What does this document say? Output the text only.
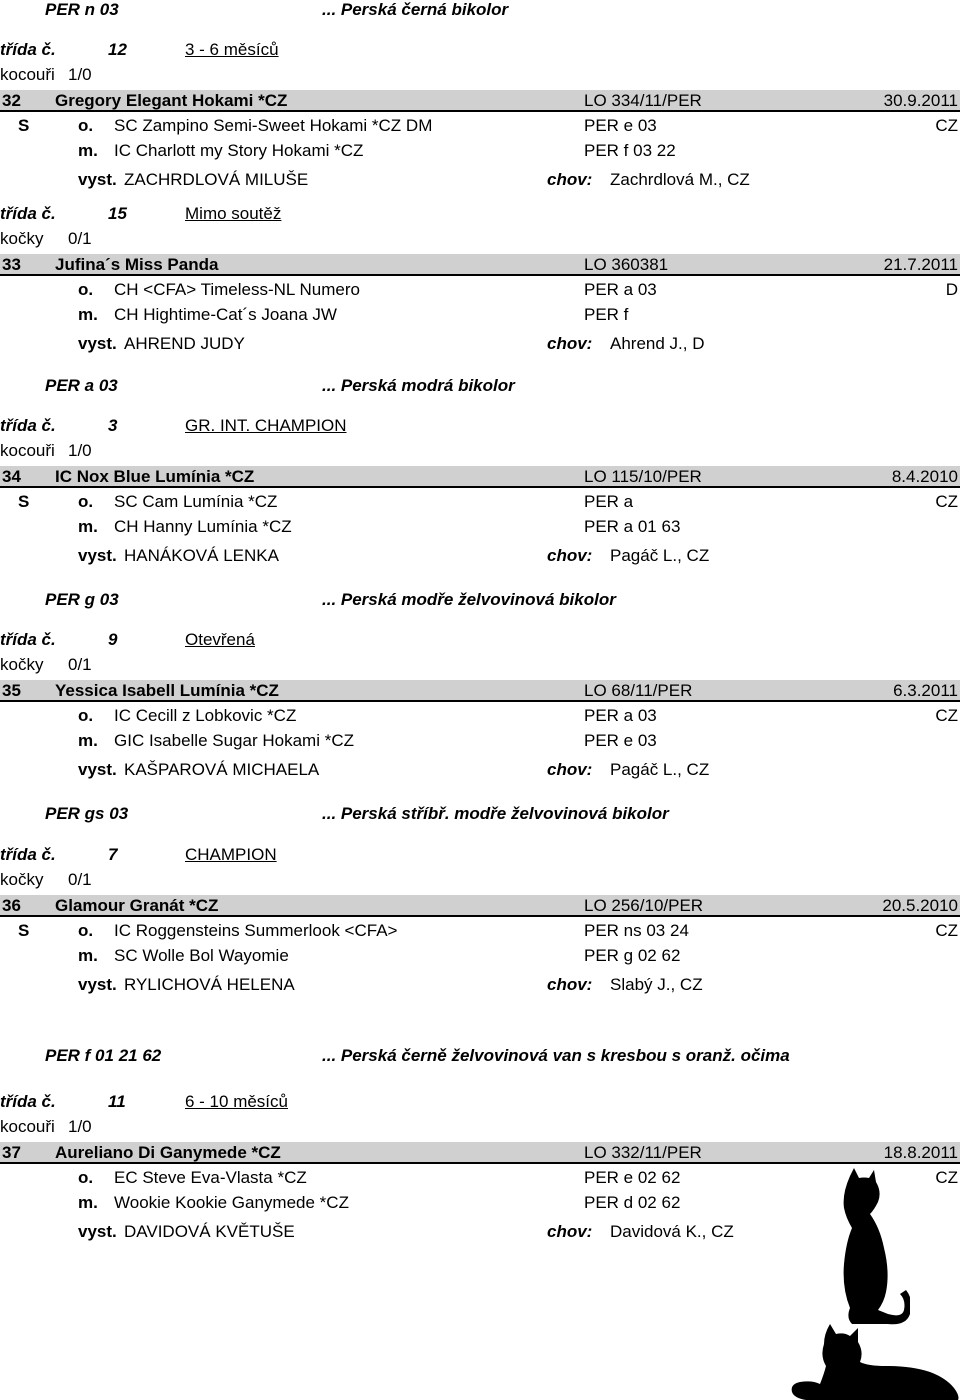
PER n 03	... Perská černá bikolor
třída č.	12	3 - 6 měsíců
kocouři 1/0
32 Gregory Elegant Hokami *CZ	LO 334/11/PER	30.9.2011
S	o. SC Zampino Semi-Sweet Hokami *CZ DM	PER e 03	CZ
m. IC Charlott my Story Hokami *CZ	PER f 03 22
vyst. ZACHRDLOVÁ MILUŠE	chov: Zachrdlová M., CZ
třída č.	15	Mimo soutěž
kočky 0/1
33 Jufina´s Miss Panda	LO 360381	21.7.2011
o. CH <CFA> Timeless-NL Numero	PER a 03	D
m. CH Hightime-Cat´s Joana JW	PER f
vyst. AHREND JUDY	chov: Ahrend J., D
PER a 03	... Perská modrá bikolor
třída č.	3	GR. INT. CHAMPION
kocouři 1/0
34 IC Nox Blue Lumínia *CZ	LO 115/10/PER	8.4.2010
S	o. SC Cam Lumínia *CZ	PER a	CZ
m. CH Hanny Lumínia *CZ	PER a 01 63
vyst. HANÁKOVÁ LENKA	chov: Pagáč L., CZ
PER g 03	... Perská modře želvovinová bikolor
třída č.	9	Otevřená
kočky 0/1
35 Yessica Isabell Lumínia *CZ	LO 68/11/PER	6.3.2011
o. IC Cecill z Lobkovic *CZ	PER a 03	CZ
m. GIC Isabelle Sugar Hokami *CZ	PER e 03
vyst. KAŠPAROVÁ MICHAELA	chov: Pagáč L., CZ
PER gs 03	... Perská stříbř. modře želvovinová bikolor
třída č.	7	CHAMPION
kočky 0/1
36 Glamour Granát *CZ	LO 256/10/PER	20.5.2010
S	o. IC Roggensteins Summerlook <CFA>	PER ns 03 24	CZ
m. SC Wolle Bol Wayomie	PER g 02 62
vyst. RYLICHOVÁ HELENA	chov: Slabý J., CZ
PER f 01 21 62	... Perská černě želvovinová van s kresbou s oranž. očima
třída č.	11	6 - 10 měsíců
kocouři 1/0
37 Aureliano Di Ganymede *CZ	LO 332/11/PER	18.8.2011
o. EC Steve Eva-Vlasta *CZ	PER e 02 62	CZ
m. Wookie Kookie Ganymede *CZ	PER d 02 62
vyst. DAVIDOVÁ KVĚTUŠE	chov: Davidová K., CZ
